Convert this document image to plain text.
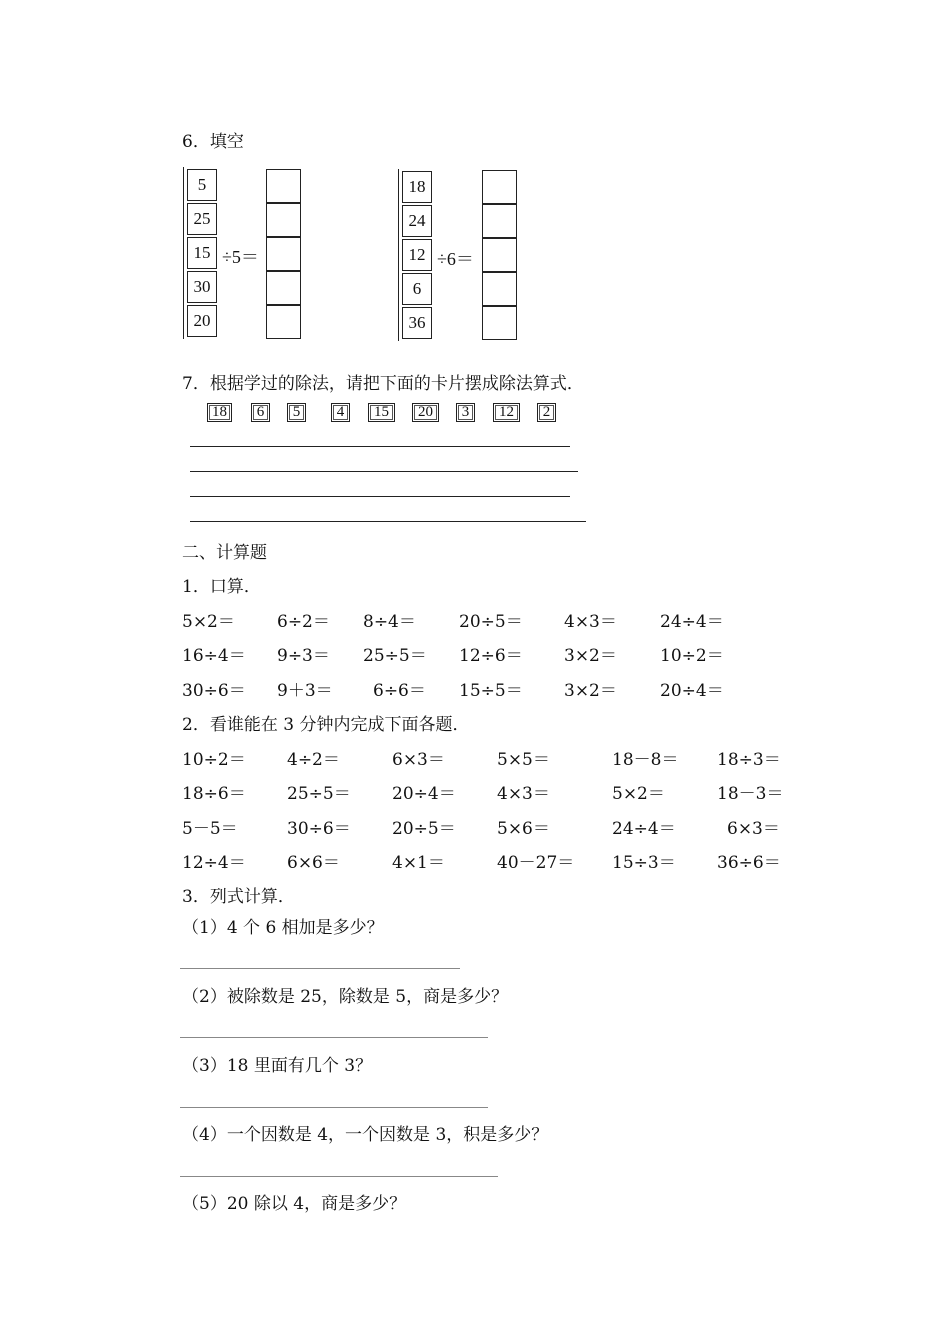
6．填空
5
25
15
30
20
÷5＝
18
24
12
6
36
÷6＝
7．根据学过的除法，请把下面的卡片摆成除法算式．
18 6 5 4 15 20 3 12 2
二、计算题
1．口算．
5×2＝ 6÷2＝ 8÷4＝	20÷5＝ 4×3＝	24÷4＝
16÷4＝ 9÷3＝ 25÷5＝ 12÷6＝ 3×2＝	10÷2＝
30÷6＝ 9＋3＝ 6÷6＝ 15÷5＝ 3×2＝	20÷4＝
2．看谁能在 3 分钟内完成下面各题．
10÷2＝ 4÷2＝	6×3＝	5×5＝	18－8＝ 18÷3＝
18÷6＝ 25÷5＝ 20÷4＝ 4×3＝	5×2＝	18－3＝
5－5＝	30÷6＝ 20÷5＝ 5×6＝	24÷4＝	6×3＝
12÷4＝ 6×6＝	4×1＝	40－27＝ 15÷3＝ 36÷6＝
3．列式计算．
（1）4 个 6 相加是多少？
（2）被除数是 25，除数是 5，商是多少？
（3）18 里面有几个 3？
（4）一个因数是 4，一个因数是 3，积是多少？
（5）20 除以 4，商是多少？
